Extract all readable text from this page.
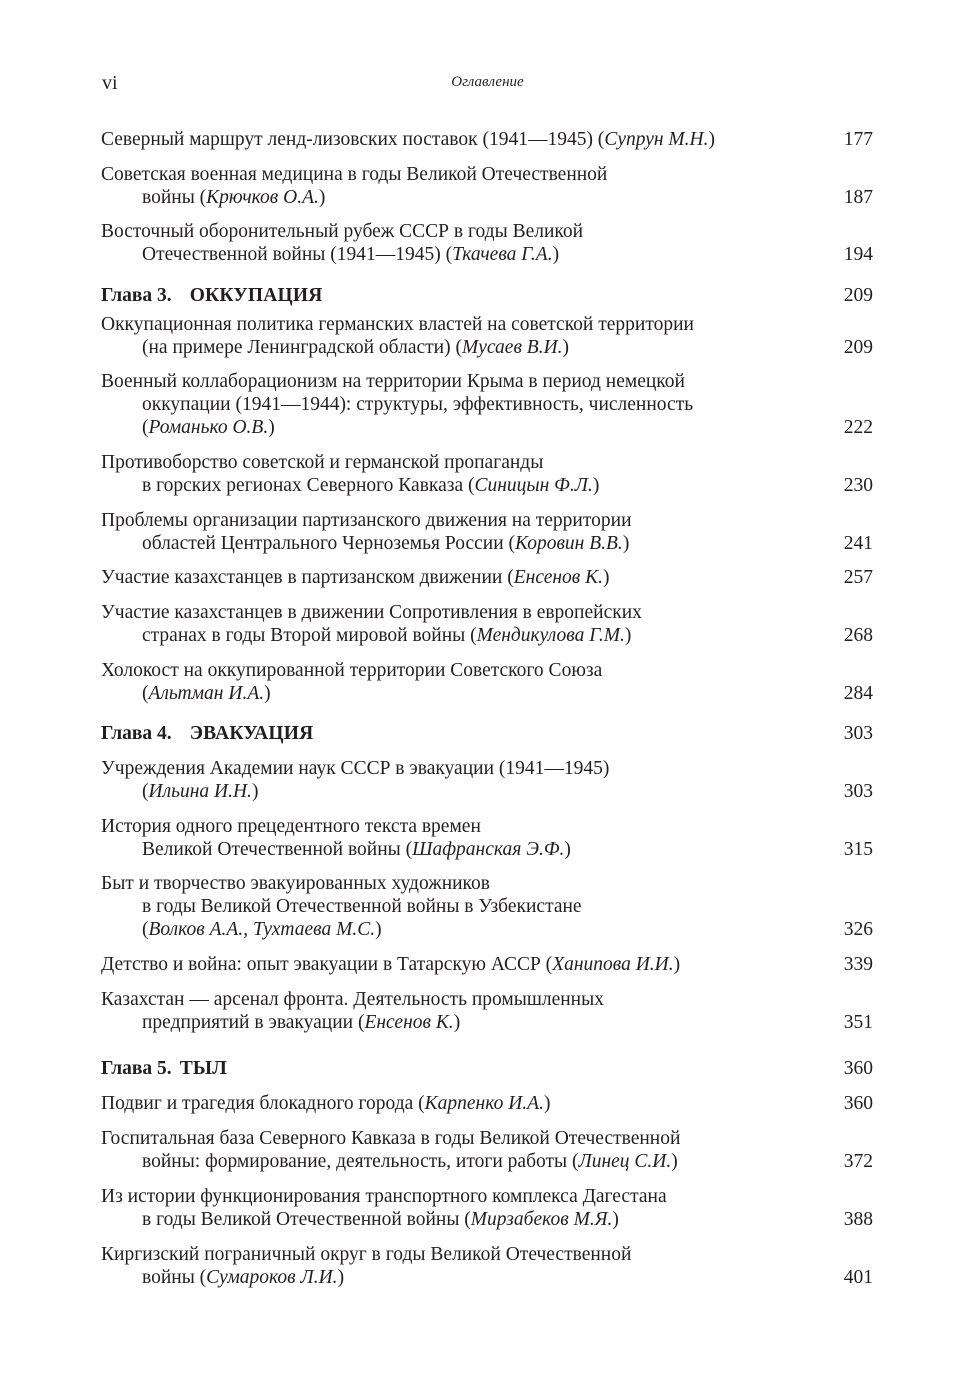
vi	Оглавление
Северный маршрут ленд-лизовских поставок (1941—1945) (Супрун М.Н.)	177
Советская военная медицина в годы Великой Отечественной
войны (Крючков О.А.)	187
Восточный оборонительный рубеж СССР в годы Великой
Отечественной войны (1941—1945) (Ткачева Г.А.)	194
Глава 3. ОККУПАЦИЯ	209
Оккупационная политика германских властей на советской территории
(на примере Ленинградской области) (Мусаев В.И.)	209
Военный коллаборационизм на территории Крыма в период немецкой
оккупации (1941—1944): структуры, эффективность, численность
(Романько О.В.)	222
Противоборство советской и германской пропаганды
в горских регионах Северного Кавказа (Синицын Ф.Л.)	230
Проблемы организации партизанского движения на территории
областей Центрального Черноземья России (Коровин В.В.)	241
Участие казахстанцев в партизанском движении (Енсенов К.)	257
Участие казахстанцев в движении Сопротивления в европейских
странах в годы Второй мировой войны (Мендикулова Г.М.)	268
Холокост на оккупированной территории Советского Союза
(Альтман И.А.)	284
Глава 4. ЭВАКУАЦИЯ	303
Учреждения Академии наук СССР в эвакуации (1941—1945)
(Ильина И.Н.)	303
История одного прецедентного текста времен
Великой Отечественной войны (Шафранская Э.Ф.)	315
Быт и творчество эвакуированных художников
в годы Великой Отечественной войны в Узбекистане
(Волков А.А., Тухтаева М.С.)	326
Детство и война: опыт эвакуации в Татарскую АССР (Ханипова И.И.)	339
Казахстан — арсенал фронта. Деятельность промышленных
предприятий в эвакуации (Енсенов К.)	351
Глава 5. ТЫЛ	360
Подвиг и трагедия блокадного города (Карпенко И.А.)	360
Госпитальная база Северного Кавказа в годы Великой Отечественной
войны: формирование, деятельность, итоги работы (Линец С.И.)	372
Из истории функционирования транспортного комплекса Дагестана
в годы Великой Отечественной войны (Мирзабеков М.Я.)	388
Киргизский пограничный округ в годы Великой Отечественной
войны (Сумароков Л.И.)	401
